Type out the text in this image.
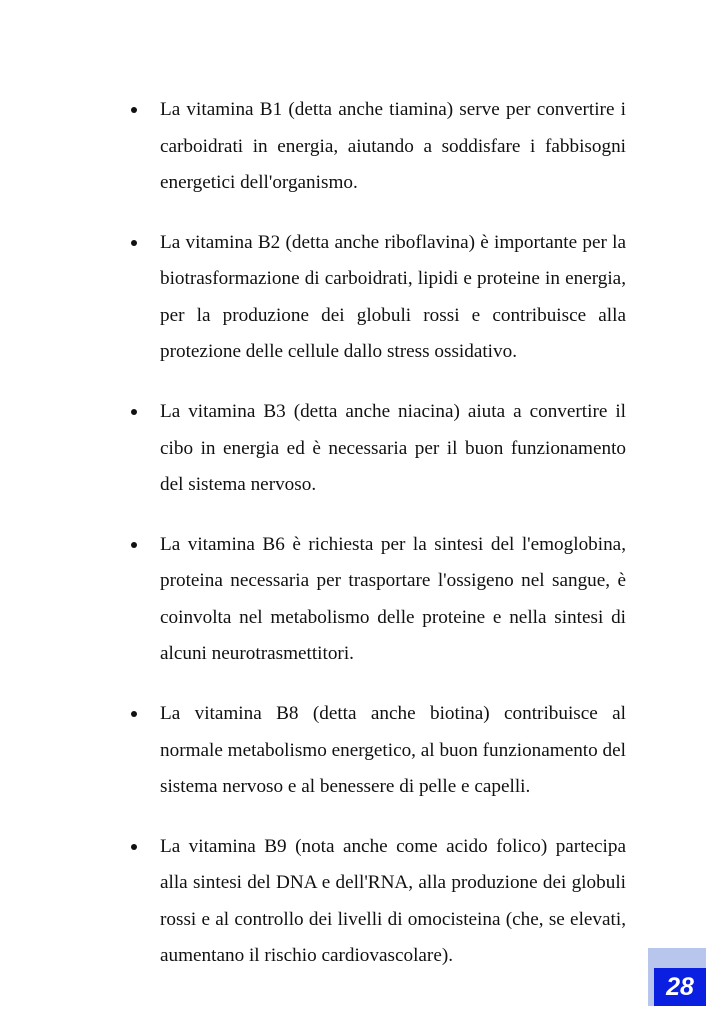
La vitamina B1 (detta anche tiamina) serve per convertire i carboidrati in energia, aiutando a soddisfare i fabbisogni energetici dell'organismo.
La vitamina B2 (detta anche riboflavina) è importante per la biotrasformazione di carboidrati, lipidi e proteine in energia, per la produzione dei globuli rossi e contribuisce alla protezione delle cellule dallo stress ossidativo.
La vitamina B3 (detta anche niacina) aiuta a convertire il cibo in energia ed è necessaria per il buon funzionamento del sistema nervoso.
La vitamina B6 è richiesta per la sintesi del l'emoglobina, proteina necessaria per trasportare l'ossigeno nel sangue, è coinvolta nel metabolismo delle proteine e nella sintesi di alcuni neurotrasmettitori.
La vitamina B8 (detta anche biotina) contribuisce al normale metabolismo energetico, al buon funzionamento del sistema nervoso e al benessere di pelle e capelli.
La vitamina B9 (nota anche come acido folico) partecipa alla sintesi del DNA e dell'RNA, alla produzione dei globuli rossi e al controllo dei livelli di omocisteina (che, se elevati, aumentano il rischio cardiovascolare).
28
